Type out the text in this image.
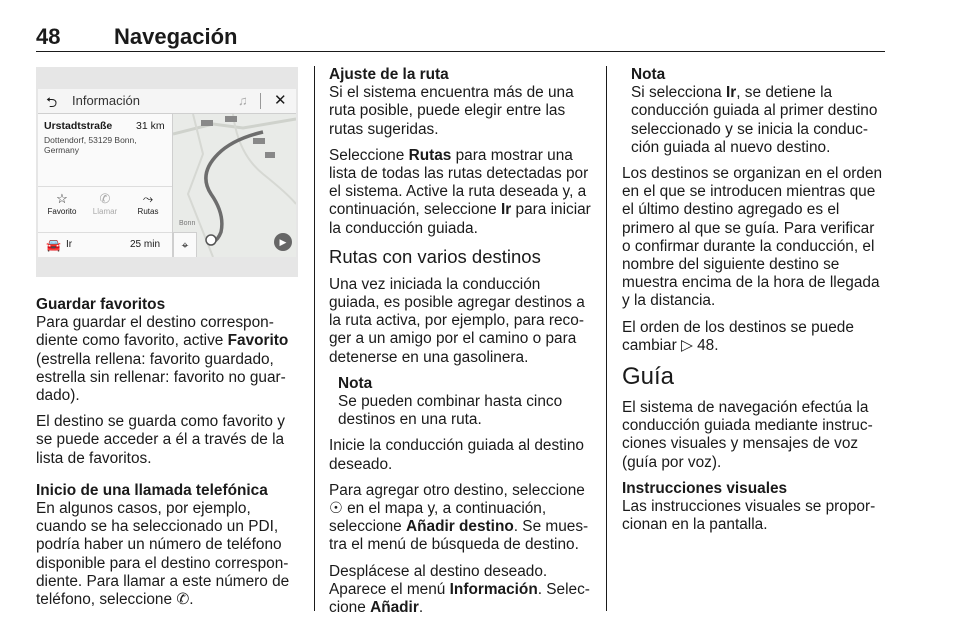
48 Navegación
⮌ Información	♫ ✕
Urstadtstraße 31 km
Dottendorf, 53129 Bonn, Germany
☆
Favorito
✆
Llamar
⤳
Rutas
🚘 Ir	25 min
Bonn
⌖	▶

Guardar favoritos

Para guardar el destino correspondiente como favorito, active Favorito (estrella rellena: favorito guardado, estrella sin rellenar: favorito no guardado).

El destino se guarda como favorito y se puede acceder a él a través de la lista de favoritos.

Inicio de una llamada telefónica

En algunos casos, por ejemplo, cuando se ha seleccionado un PDI, podría haber un número de teléfono disponible para el destino correspondiente. Para llamar a este número de teléfono, seleccione ✆.

Ajuste de la ruta

Si el sistema encuentra más de una ruta posible, puede elegir entre las rutas sugeridas.

Seleccione Rutas para mostrar una lista de todas las rutas detectadas por el sistema. Active la ruta deseada y, a continuación, seleccione Ir para iniciar la conducción guiada.

Rutas con varios destinos

Una vez iniciada la conducción guiada, es posible agregar destinos a la ruta activa, por ejemplo, para recoger a un amigo por el camino o para detenerse en una gasolinera.

Nota

Se pueden combinar hasta cinco destinos en una ruta.

Inicie la conducción guiada al destino deseado.

Para agregar otro destino, seleccione ☉ en el mapa y, a continuación, seleccione Añadir destino. Se muestra el menú de búsqueda de destino.

Desplácese al destino deseado. Aparece el menú Información. Seleccione Añadir.

Nota

Si selecciona Ir, se detiene la conducción guiada al primer destino seleccionado y se inicia la conducción guiada al nuevo destino.

Los destinos se organizan en el orden en el que se introducen mientras que el último destino agregado es el primero al que se guía. Para verificar o confirmar durante la conducción, el nombre del siguiente destino se muestra encima de la hora de llegada y la distancia.

El orden de los destinos se puede cambiar ▷ 48.

Guía

El sistema de navegación efectúa la conducción guiada mediante instrucciones visuales y mensajes de voz (guía por voz).

Instrucciones visuales

Las instrucciones visuales se proporcionan en la pantalla.
